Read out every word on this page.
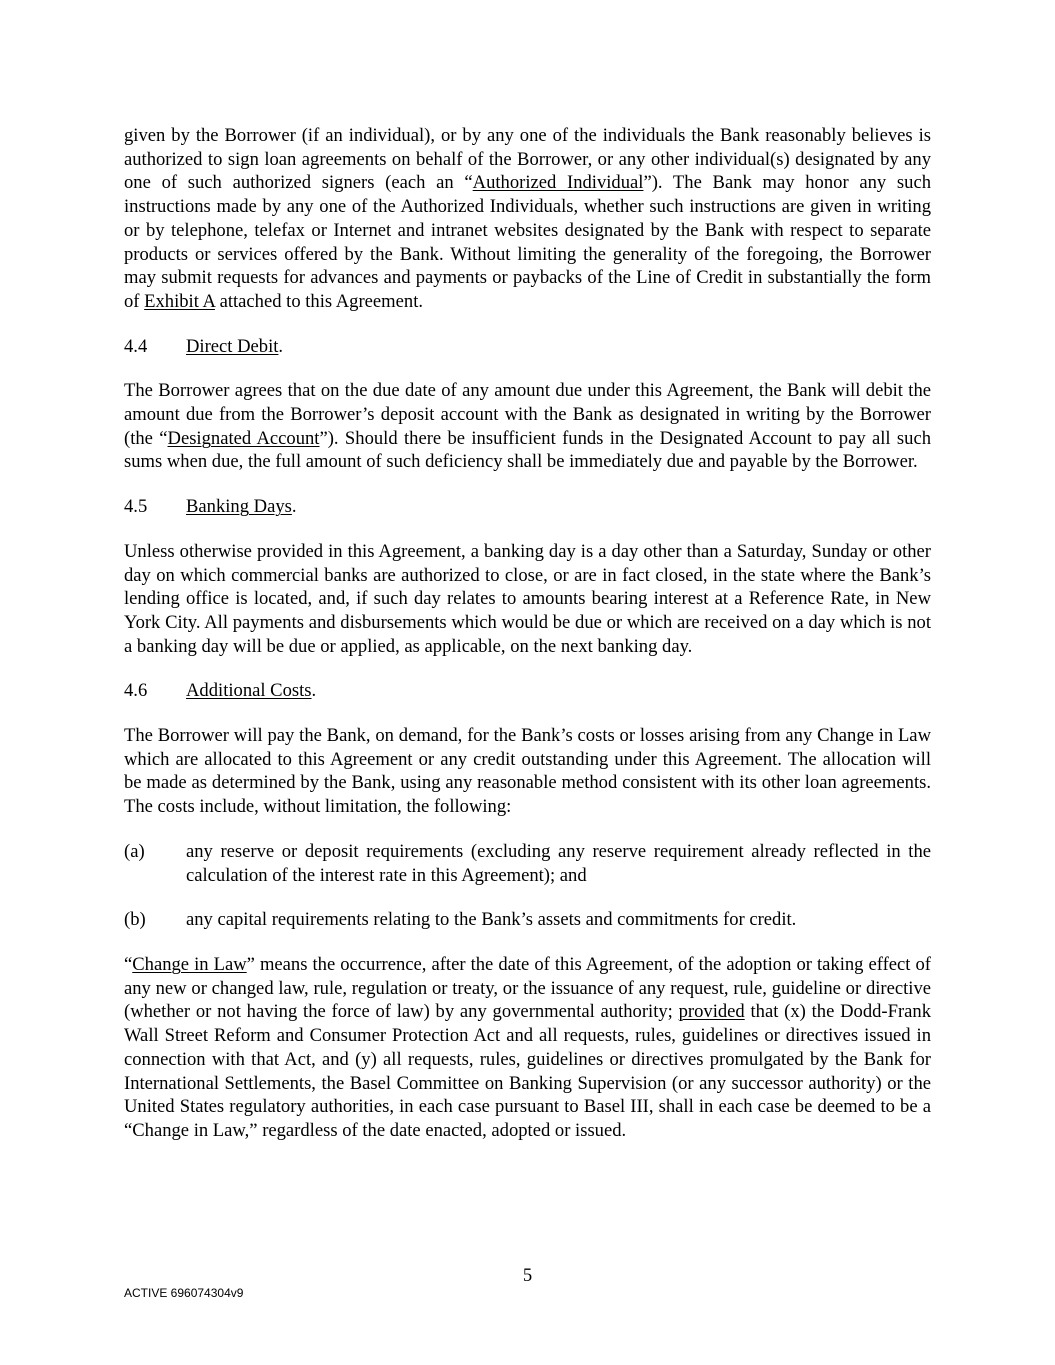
given by the Borrower (if an individual), or by any one of the individuals the Bank reasonably believes is authorized to sign loan agreements on behalf of the Borrower, or any other individual(s) designated by any one of such authorized signers (each an “Authorized Individual”). The Bank may honor any such instructions made by any one of the Authorized Individuals, whether such instructions are given in writing or by telephone, telefax or Internet and intranet websites designated by the Bank with respect to separate products or services offered by the Bank. Without limiting the generality of the foregoing, the Borrower may submit requests for advances and payments or paybacks of the Line of Credit in substantially the form of Exhibit A attached to this Agreement.

4.4	Direct Debit.

The Borrower agrees that on the due date of any amount due under this Agreement, the Bank will debit the amount due from the Borrower’s deposit account with the Bank as designated in writing by the Borrower (the “Designated Account”). Should there be insufficient funds in the Designated Account to pay all such sums when due, the full amount of such deficiency shall be immediately due and payable by the Borrower.

4.5	Banking Days.

Unless otherwise provided in this Agreement, a banking day is a day other than a Saturday, Sunday or other day on which commercial banks are authorized to close, or are in fact closed, in the state where the Bank’s lending office is located, and, if such day relates to amounts bearing interest at a Reference Rate, in New York City. All payments and disbursements which would be due or which are received on a day which is not a banking day will be due or applied, as applicable, on the next banking day.

4.6	Additional Costs.

The Borrower will pay the Bank, on demand, for the Bank’s costs or losses arising from any Change in Law which are allocated to this Agreement or any credit outstanding under this Agreement. The allocation will be made as determined by the Bank, using any reasonable method consistent with its other loan agreements. The costs include, without limitation, the following:

(a)	any reserve or deposit requirements (excluding any reserve requirement already reflected in the calculation of the interest rate in this Agreement); and
(b)	any capital requirements relating to the Bank’s assets and commitments for credit.

“Change in Law” means the occurrence, after the date of this Agreement, of the adoption or taking effect of any new or changed law, rule, regulation or treaty, or the issuance of any request, rule, guideline or directive (whether or not having the force of law) by any governmental authority; provided that (x) the Dodd-Frank Wall Street Reform and Consumer Protection Act and all requests, rules, guidelines or directives issued in connection with that Act, and (y) all requests, rules, guidelines or directives promulgated by the Bank for International Settlements, the Basel Committee on Banking Supervision (or any successor authority) or the United States regulatory authorities, in each case pursuant to Basel III, shall in each case be deemed to be a “Change in Law,” regardless of the date enacted, adopted or issued.

5
ACTIVE 696074304v9
